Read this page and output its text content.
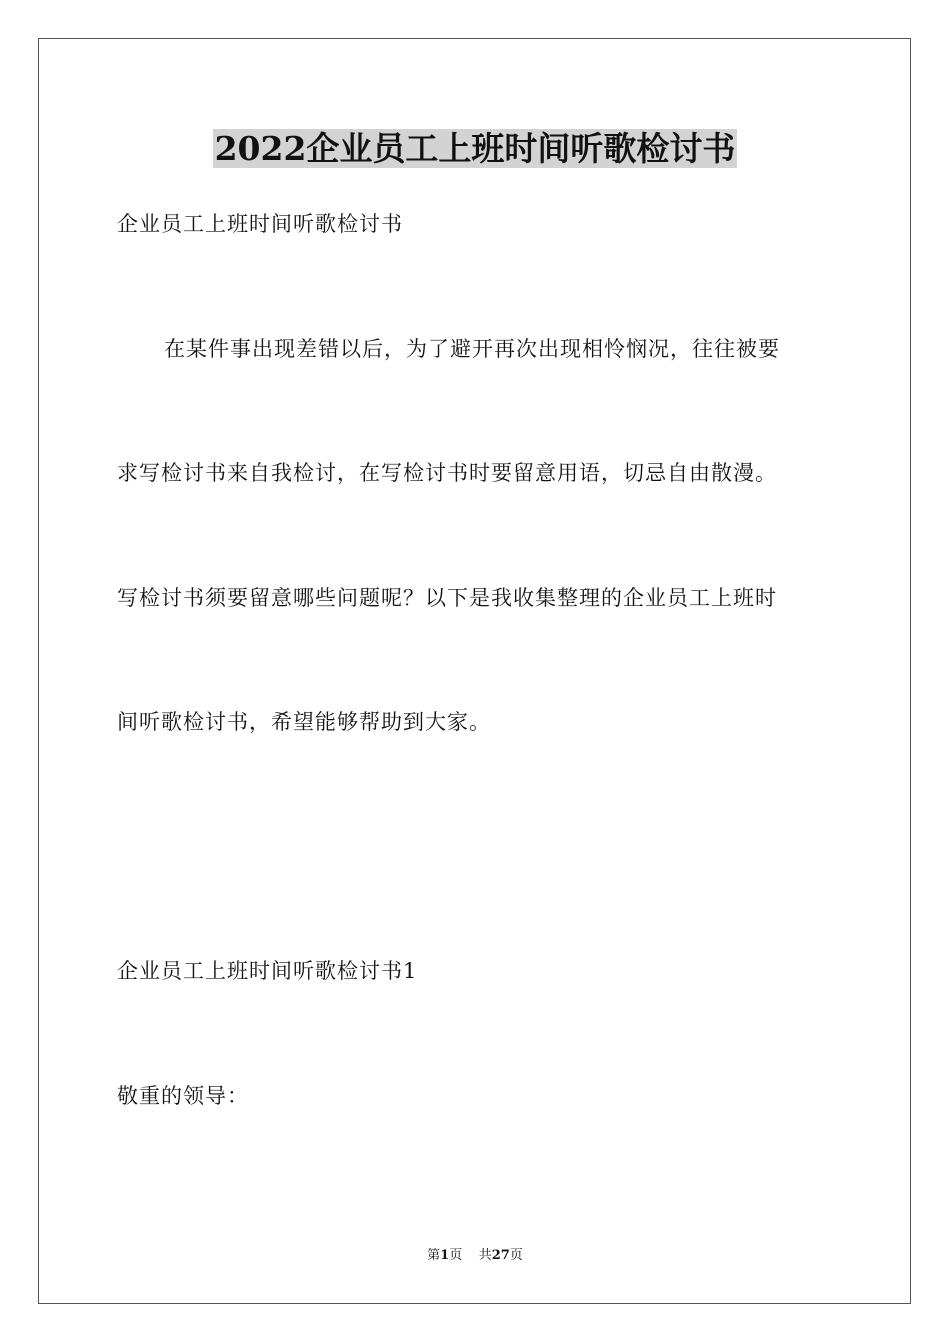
2022企业员工上班时间听歌检讨书
企业员工上班时间听歌检讨书
在某件事出现差错以后，为了避开再次出现相怜悯况，往往被要
求写检讨书来自我检讨，在写检讨书时要留意用语，切忌自由散漫。
写检讨书须要留意哪些问题呢？以下是我收集整理的企业员工上班时
间听歌检讨书，希望能够帮助到大家。
企业员工上班时间听歌检讨书1
敬重的领导：
第1页 共27页
